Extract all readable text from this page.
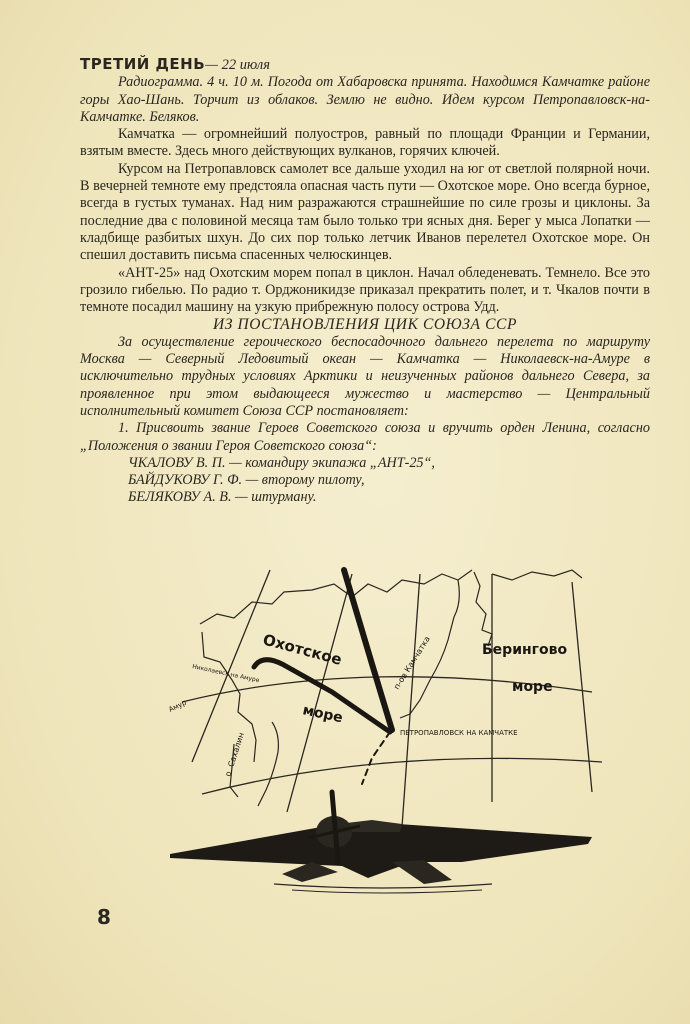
ТРЕТИЙ ДЕНЬ— 22 июля

Радиограмма. 4 ч. 10 м. Погода от Хабаровска принята. Находимся Камчатке районе горы Хао-Шань. Торчит из облаков. Землю не видно. Идем курсом Петропавловск-на-Камчатке. Беляков.

Камчатка — огромнейший полуостров, равный по площади Франции и Германии, взятым вместе. Здесь много действующих вулканов, горячих ключей.

Курсом на Петропавловск самолет все дальше уходил на юг от светлой полярной ночи. В вечерней темноте ему предстояла опасная часть пути — Охотское море. Оно всегда бурное, всегда в густых туманах. Над ним разражаются страшнейшие по силе грозы и циклоны. За последние два с половиной месяца там было только три ясных дня. Берег у мыса Лопатки — кладбище разбитых шхун. До сих пор только летчик Иванов перелетел Охотское море. Он спешил доставить письма спасенных челюскинцев.

«АНТ-25» над Охотским морем попал в циклон. Начал обледеневать. Темнело. Все это грозило гибелью. По радио т. Орджоникидзе приказал прекратить полет, и т. Чкалов почти в темноте посадил машину на узкую прибрежную полосу острова Удд.

ИЗ ПОСТАНОВЛЕНИЯ ЦИК СОЮЗА ССР

За осуществление героического беспосадочного дальнего перелета по маршруту Москва — Северный Ледовитый океан — Камчатка — Николаевск-на-Амуре в исключительно трудных условиях Арктики и неизученных районов дальнего Севера, за проявленное при этом выдающееся мужество и мастерство — Центральный исполнительный комитет Союза ССР постановляет:

1. Присвоить звание Героев Советского союза и вручить орден Ленина, согласно „Положения о звании Героя Советского союза“:

ЧКАЛОВУ В. П. — командиру экипажа „АНТ-25“,

БАЙДУКОВУ Г. Ф. — второму пилоту,

БЕЛЯКОВУ А. В. — штурману.

Охотское
море
Берингово
море
ПЕТРОПАВЛОВСК НА КАМЧАТКЕ
п-ов Камчатка
о. Сахалин
Николаевск на Амуре
Амур
8
